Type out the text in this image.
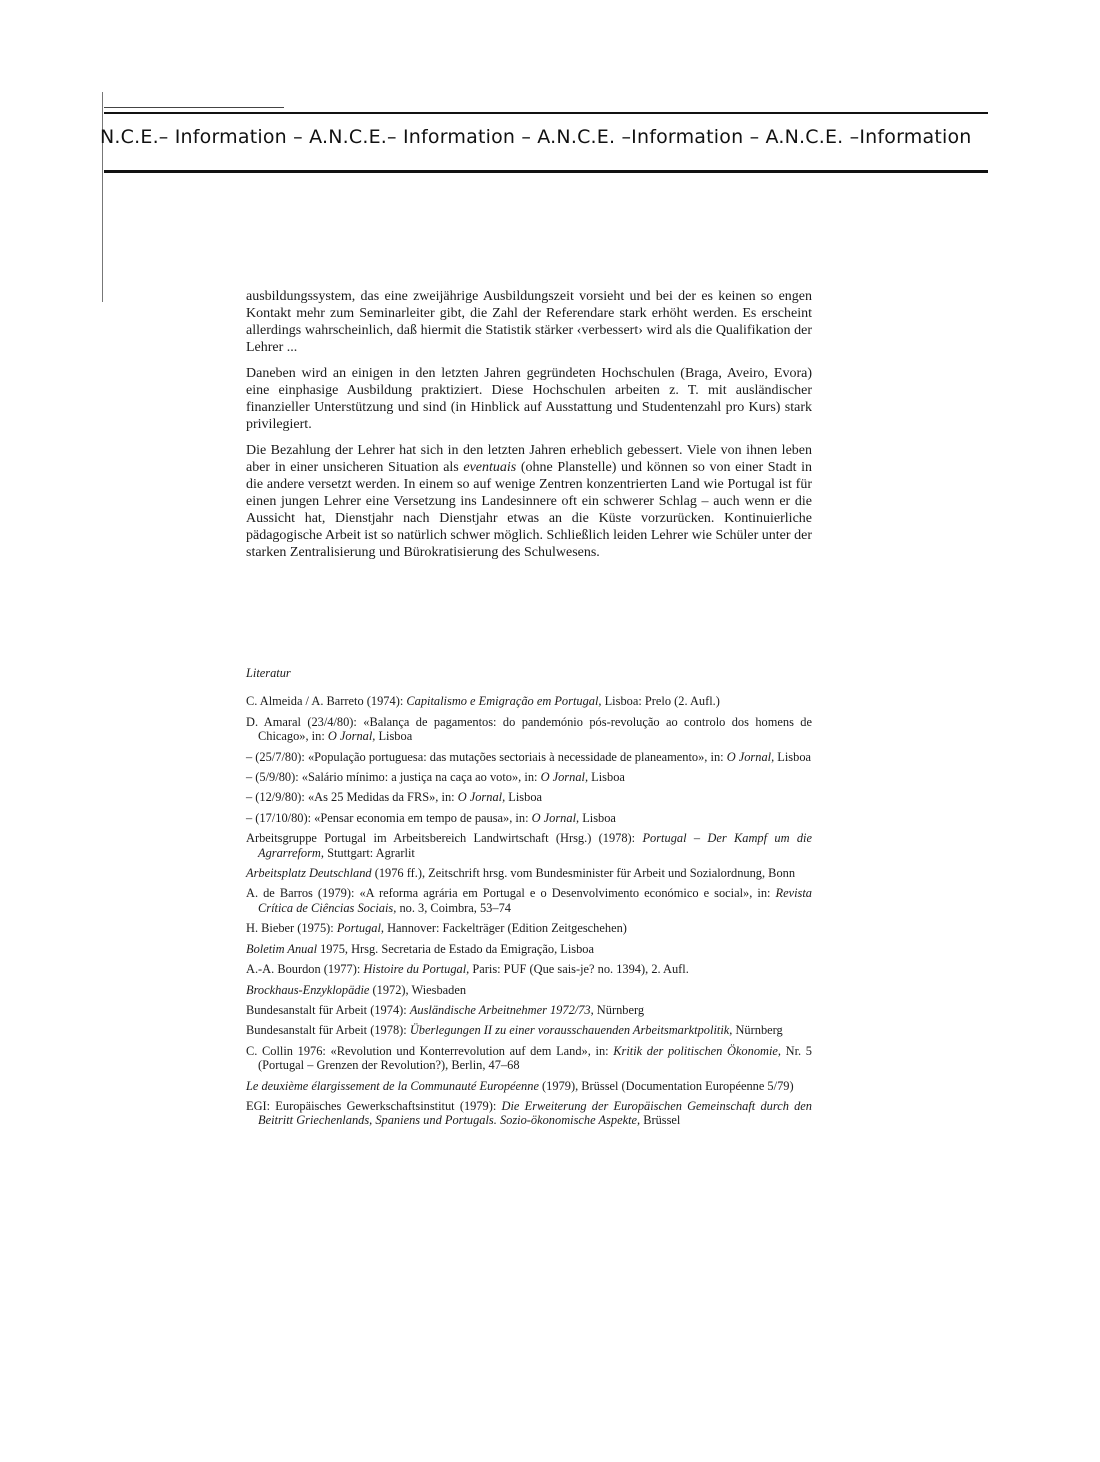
N.C.E.– Information – A.N.C.E.– Information – A.N.C.E. –Information – A.N.C.E. –Information

ausbildungssystem, das eine zweijährige Ausbildungszeit vorsieht und bei der es keinen so engen Kontakt mehr zum Seminarleiter gibt, die Zahl der Referendare stark erhöht werden. Es erscheint allerdings wahrscheinlich, daß hiermit die Statistik stärker ‹verbessert› wird als die Qualifikation der Lehrer ...

Daneben wird an einigen in den letzten Jahren gegründeten Hochschulen (Braga, Aveiro, Evora) eine einphasige Ausbildung praktiziert. Diese Hochschulen arbeiten z. T. mit ausländischer finanzieller Unterstützung und sind (in Hinblick auf Ausstattung und Studentenzahl pro Kurs) stark privilegiert.

Die Bezahlung der Lehrer hat sich in den letzten Jahren erheblich gebessert. Viele von ihnen leben aber in einer unsicheren Situation als eventuais (ohne Planstelle) und können so von einer Stadt in die andere versetzt werden. In einem so auf wenige Zentren konzentrierten Land wie Portugal ist für einen jungen Lehrer eine Versetzung ins Landesinnere oft ein schwerer Schlag – auch wenn er die Aussicht hat, Dienstjahr nach Dienstjahr etwas an die Küste vorzurücken. Kontinuierliche pädagogische Arbeit ist so natürlich schwer möglich. Schließlich leiden Lehrer wie Schüler unter der starken Zentralisierung und Bürokratisierung des Schulwesens.

Literatur
C. Almeida / A. Barreto (1974): Capitalismo e Emigração em Portugal, Lisboa: Prelo (2. Aufl.)
D. Amaral (23/4/80): «Balança de pagamentos: do pandemónio pós-revolução ao controlo dos homens de Chicago», in: O Jornal, Lisboa
– (25/7/80): «População portuguesa: das mutações sectoriais à necessidade de planeamento», in: O Jornal, Lisboa
– (5/9/80): «Salário mínimo: a justiça na caça ao voto», in: O Jornal, Lisboa
– (12/9/80): «As 25 Medidas da FRS», in: O Jornal, Lisboa
– (17/10/80): «Pensar economia em tempo de pausa», in: O Jornal, Lisboa
Arbeitsgruppe Portugal im Arbeitsbereich Landwirtschaft (Hrsg.) (1978): Portugal – Der Kampf um die Agrarreform, Stuttgart: Agrarlit
Arbeitsplatz Deutschland (1976 ff.), Zeitschrift hrsg. vom Bundesminister für Arbeit und Sozialordnung, Bonn
A. de Barros (1979): «A reforma agrária em Portugal e o Desenvolvimento económico e social», in: Revista Crítica de Ciências Sociais, no. 3, Coimbra, 53–74
H. Bieber (1975): Portugal, Hannover: Fackelträger (Edition Zeitgeschehen)
Boletim Anual 1975, Hrsg. Secretaria de Estado da Emigração, Lisboa
A.-A. Bourdon (1977): Histoire du Portugal, Paris: PUF (Que sais-je? no. 1394), 2. Aufl.
Brockhaus-Enzyklopädie (1972), Wiesbaden
Bundesanstalt für Arbeit (1974): Ausländische Arbeitnehmer 1972/73, Nürnberg
Bundesanstalt für Arbeit (1978): Überlegungen II zu einer vorausschauenden Arbeitsmarktpolitik, Nürnberg
C. Collin 1976: «Revolution und Konterrevolution auf dem Land», in: Kritik der politischen Ökonomie, Nr. 5 (Portugal – Grenzen der Revolution?), Berlin, 47–68
Le deuxième élargissement de la Communauté Européenne (1979), Brüssel (Documentation Européenne 5/79)
EGI: Europäisches Gewerkschaftsinstitut (1979): Die Erweiterung der Europäischen Gemeinschaft durch den Beitritt Griechenlands, Spaniens und Portugals. Sozio-ökonomische Aspekte, Brüssel
